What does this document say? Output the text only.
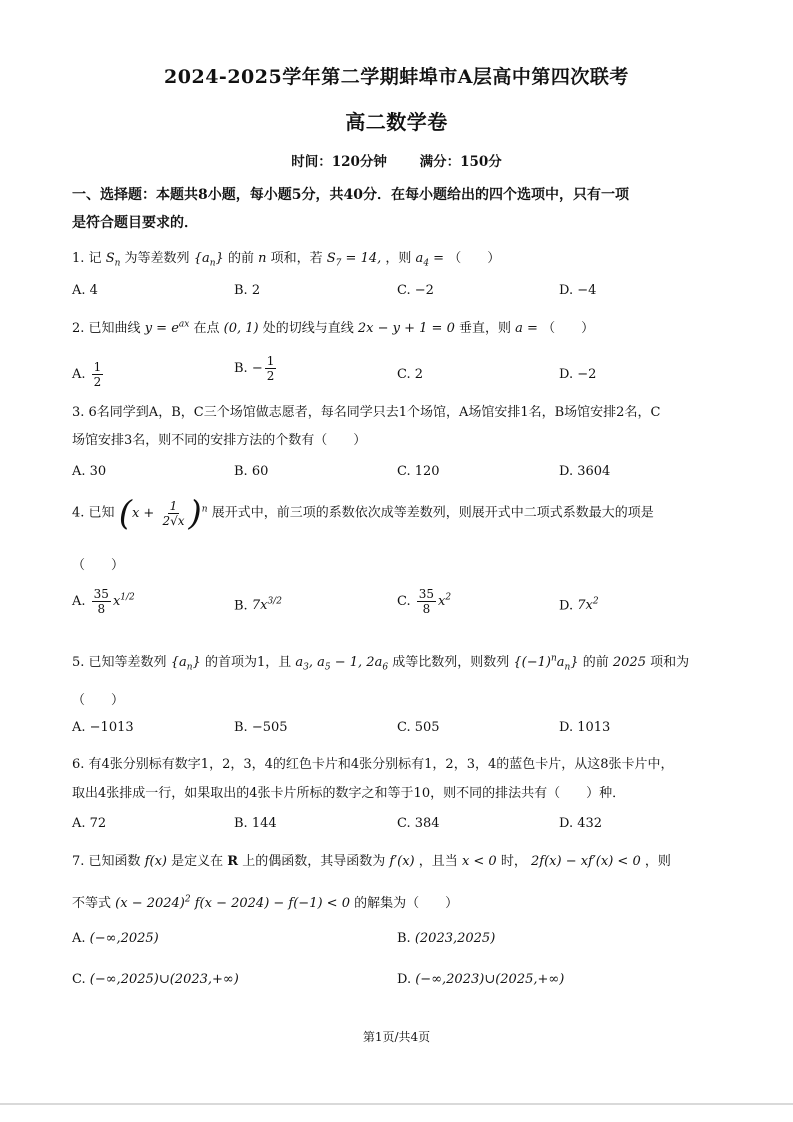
2024-2025学年第二学期蚌埠市A层高中第四次联考
高二数学卷
时间：120分钟 满分：150分
一、选择题：本题共8小题，每小题5分，共40分．在每小题给出的四个选项中，只有一项
是符合题目要求的．
1. 记 $S_n$ 为等差数列 $\{a_n\}$ 的前 n 项和，若 $S_7 = 14$, ，则 $a_4$ = （　　）
A. 4	B. 2	C. −2	D. −4
2. 已知曲线 $y = e^{ax}$ 在点 (0, 1) 处的切线与直线 2x − y + 1 = 0 垂直，则 a = （　　）
A. $\frac{1}{2}$	B. − $\frac{1}{2}$	C. 2	D. −2
3. 6名同学到A，B，C三个场馆做志愿者，每名同学只去1个场馆，A场馆安排1名，B场馆安排2名，C
场馆安排3名，则不同的安排方法的个数有（　　）
A. 30	B. 60	C. 120	D. 3604
4. 已知 $(x + \frac{1}{2√x} )^n$ 展开式中，前三项的系数依次成等差数列，则展开式中二项式系数最大的项是
（　　）
A. $\frac{35}{8} x^{1/2}$
B. $7x^{3/2}$	C. $\frac{35}{8} x^2$
D. $7x^2$
5. 已知等差数列 $\{a_n\}$ 的首项为1，且 $a_3$, $a_5 - 1$, $2a_6$ 成等比数列，则数列 $\{(-1)^na_n\}$ 的前 2025 项和为
（　　）
A. −1013	B. −505	C. 505	D. 1013
6. 有4张分别标有数字1，2，3，4的红色卡片和4张分别标有1，2，3，4的蓝色卡片，从这8张卡片中，
取出4张排成一行，如果取出的4张卡片所标的数字之和等于10，则不同的排法共有（　　）种．
A. 72	B. 144	C. 384	D. 432
7. 已知函数 f(x) 是定义在 R 上的偶函数，其导函数为 f′(x) ，且当 x < 0 时， 2f(x) − xf′(x) < 0 ，则
不等式 $(x - 2024)^2$ f(x − 2024) − f(−1) < 0 的解集为（　　）
A. (−∞,2025)	B. (2023,2025)
C. (−∞,2025)∪(2023,+∞)	D. (−∞,2023)∪(2025,+∞)
第1页/共4页
